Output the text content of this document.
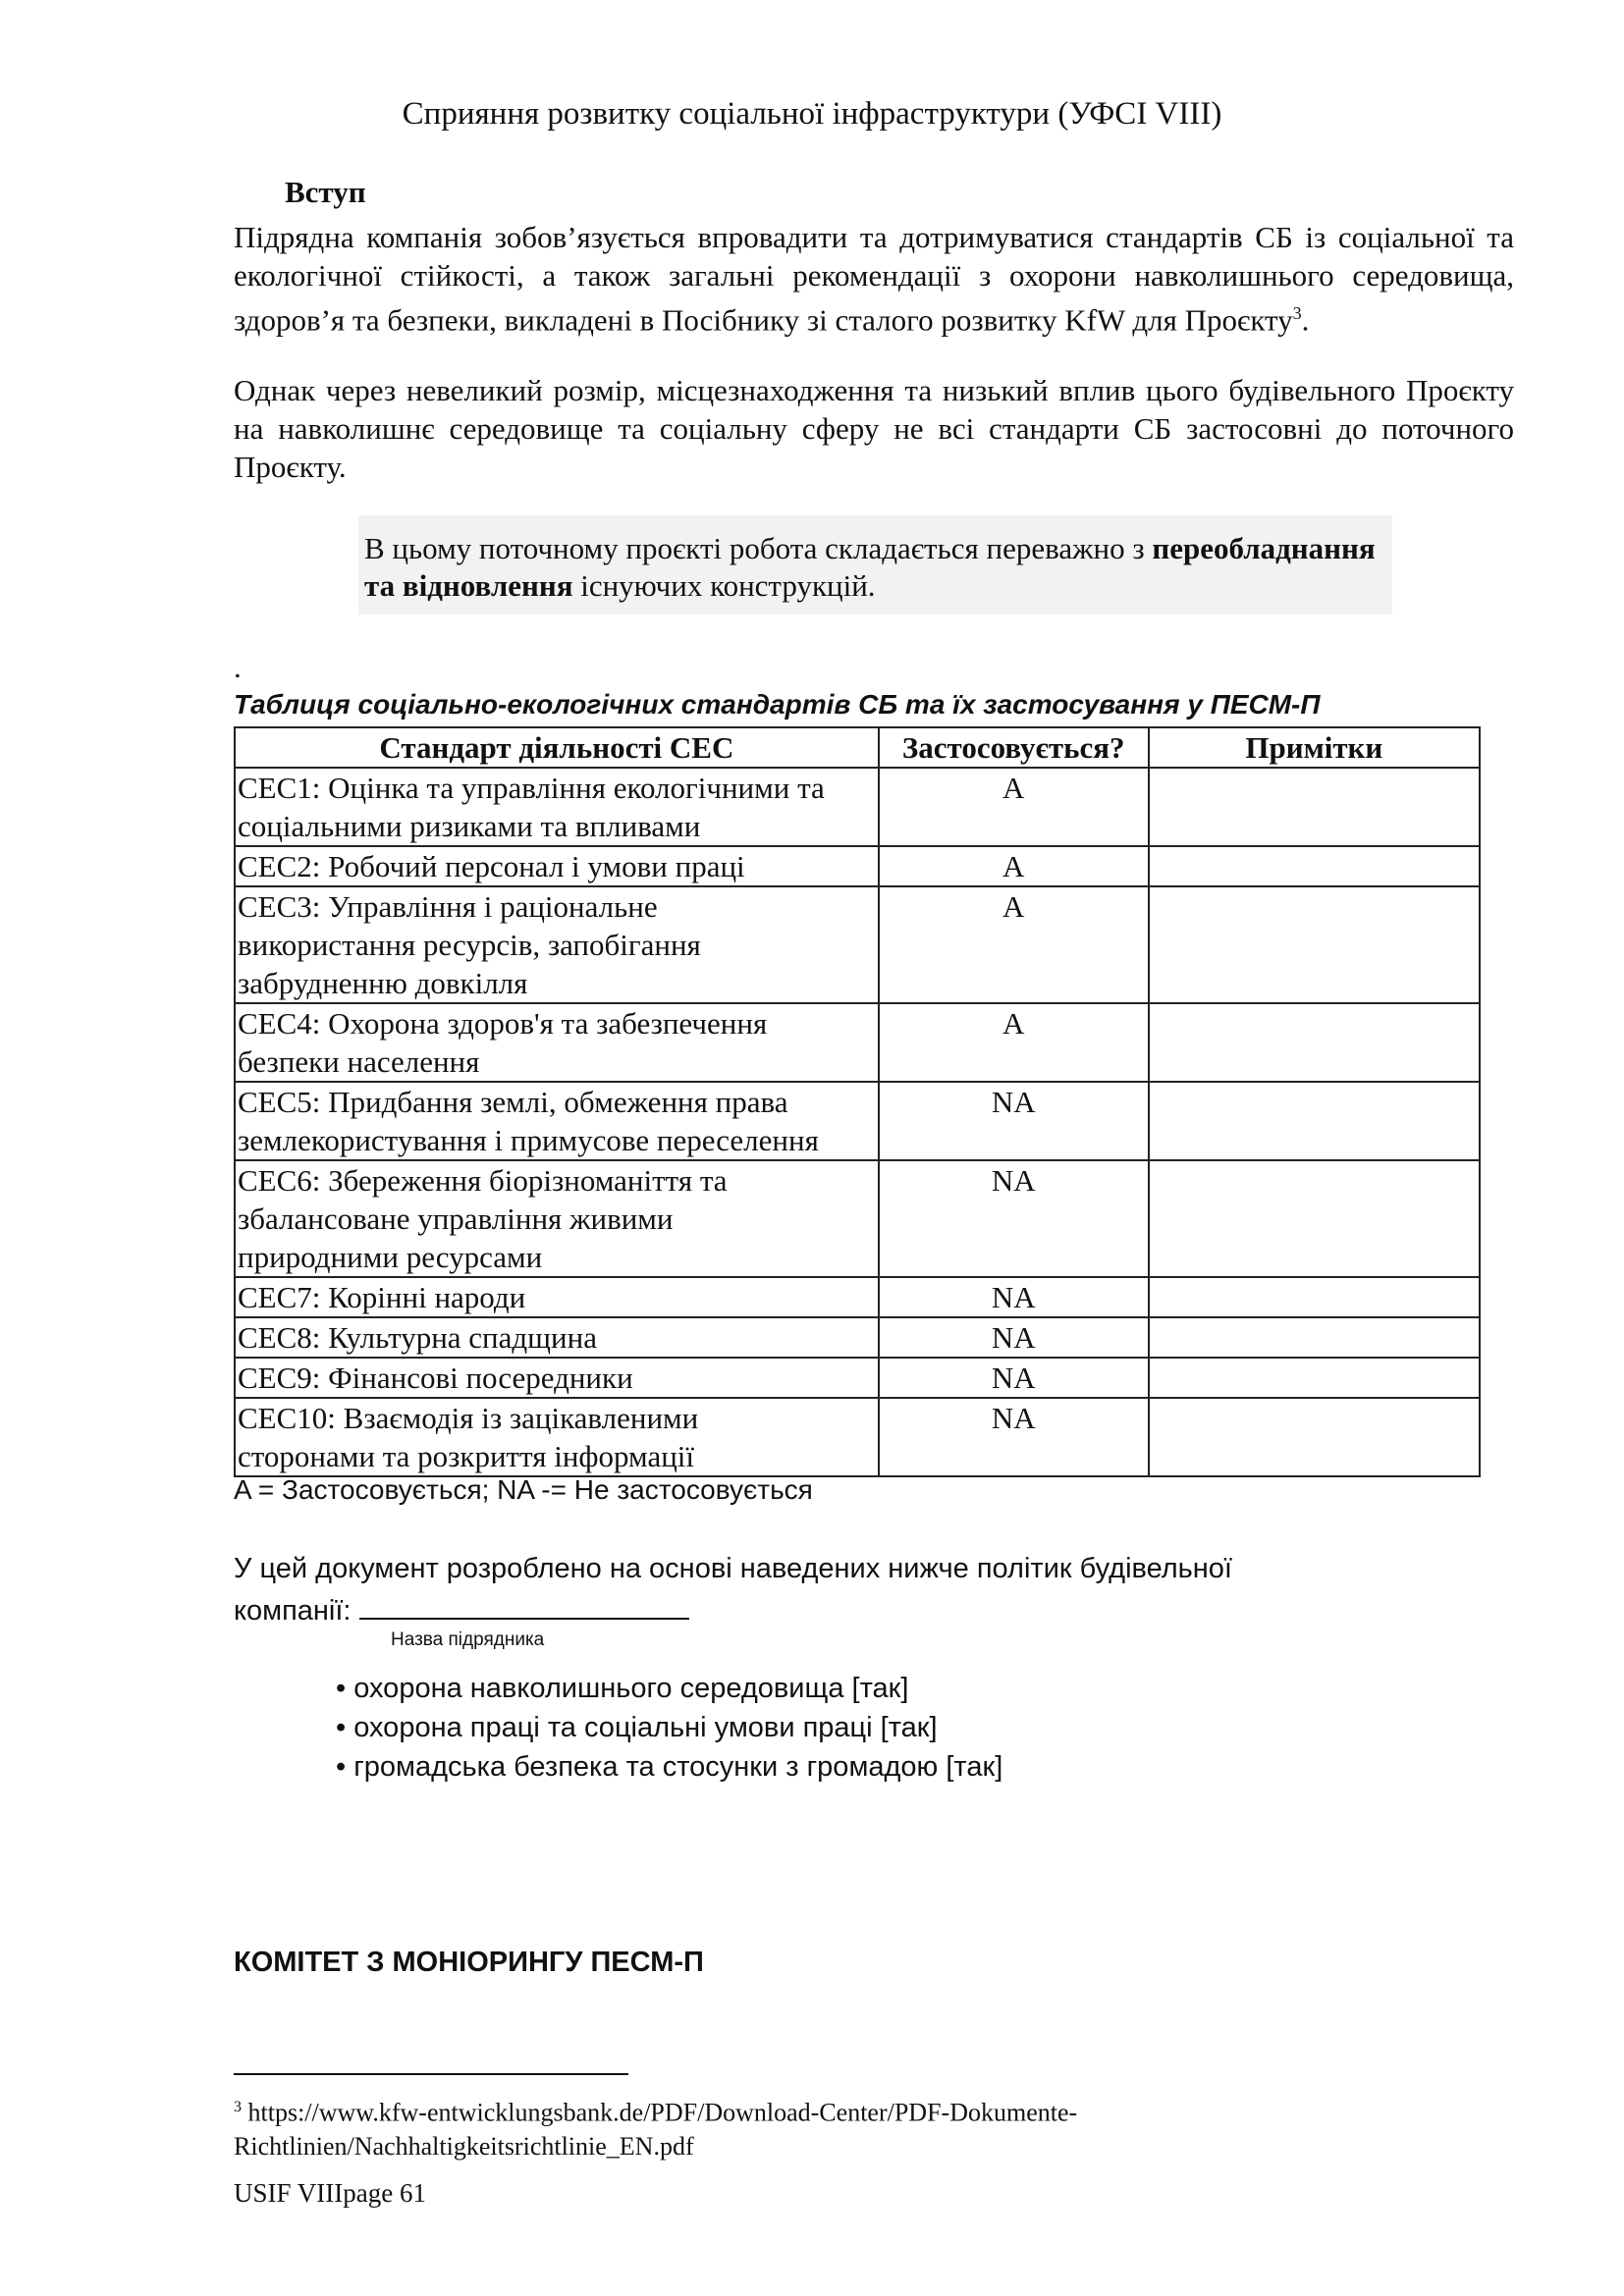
Сприяння розвитку соціальної інфраструктури (УФСІ VIII)
Вступ
Підрядна компанія зобов’язується впровадити та дотримуватися стандартів СБ із соціальної та екологічної стійкості, а також загальні рекомендації з охорони навколишнього середовища, здоров’я та безпеки, викладені в Посібнику зі сталого розвитку KfW для Проєкту$^3$.
Однак через невеликий розмір, місцезнаходження та низький вплив цього будівельного Проєкту на навколишнє середовище та соціальну сферу не всі стандарти СБ застосовні до поточного Проєкту.
В цьому поточному проєкті робота складається переважно з переобладнання та відновлення існуючих конструкцій.
.
Таблиця соціально-екологічних стандартів СБ та їх застосування у ПЕСМ-П
Стандарт діяльності СЕС	Застосовується?	Примітки
СЕС1: Оцінка та управління екологічними та соціальними ризиками та впливами	А	
СЕС2: Робочий персонал і умови праці	А	
СЕС3: Управління і раціональне використання ресурсів, запобігання забрудненню довкілля	А	
СЕС4: Охорона здоров'я та забезпечення безпеки населення	А	
СЕС5: Придбання землі, обмеження права землекористування і примусове переселення	NA	
СЕС6: Збереження біорізноманіття та збалансоване управління живими природними ресурсами	NA	
СЕС7: Корінні народи	NA	
СЕС8: Культурна спадщина	NA	
СЕС9: Фінансові посередники	NA	
СЕС10: Взаємодія із зацікавленими сторонами та розкриття інформації	NA	
A = Застосовується; NA -= Не застосовується
У цей документ розроблено на основі наведених нижче політик будівельної компанії:
Назва підрядника
• охорона навколишнього середовища [так]
• охорона праці та соціальні умови праці [так]
• громадська безпека та стосунки з громадою [так]
КОМІТЕТ З МОНІОРИНГУ ПЕСМ-П
$^3$ https://www.kfw-entwicklungsbank.de/PDF/Download-Center/PDF-Dokumente-Richtlinien/Nachhaltigkeitsrichtlinie_EN.pdf
USIF VIIIpage 61
